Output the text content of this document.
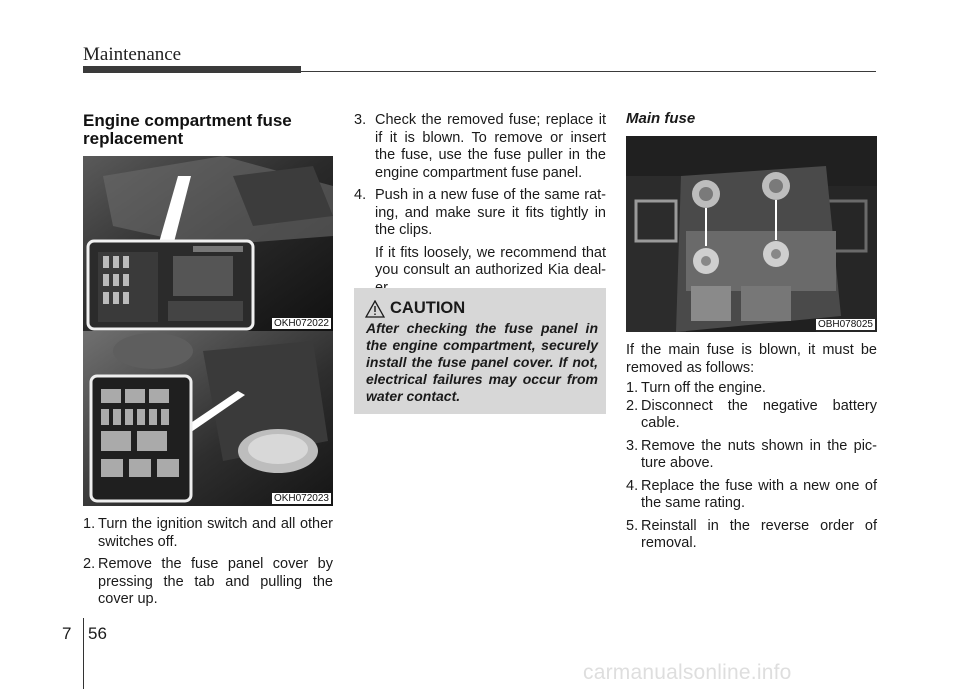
Maintenance
Engine compartment fuse replacement
OKH072022
OKH072023
1. Turn the ignition switch and all other switches off.
2. Remove the fuse panel cover by pressing the tab and pulling the cover up.
3. Check the removed fuse; replace it if it is blown. To remove or insert the fuse, use the fuse puller in the engine compartment fuse panel.
4. Push in a new fuse of the same rat-ing, and make sure it fits tightly in the clips.
If it fits loosely, we recommend that you consult an authorized Kia deal-
CAUTION
After checking the fuse panel in the engine compartment, securely install the fuse panel cover. If not, electrical failures may occur from water contact.
Main fuse
OBH078025
If the main fuse is blown, it must be removed as follows:
1. Turn off the engine.
2. Disconnect the negative battery cable.
3. Remove the nuts shown in the pic-ture above.
4. Replace the fuse with a new one of the same rating.
5. Reinstall in the reverse order of removal.
7 56
carmanualsonline.info
